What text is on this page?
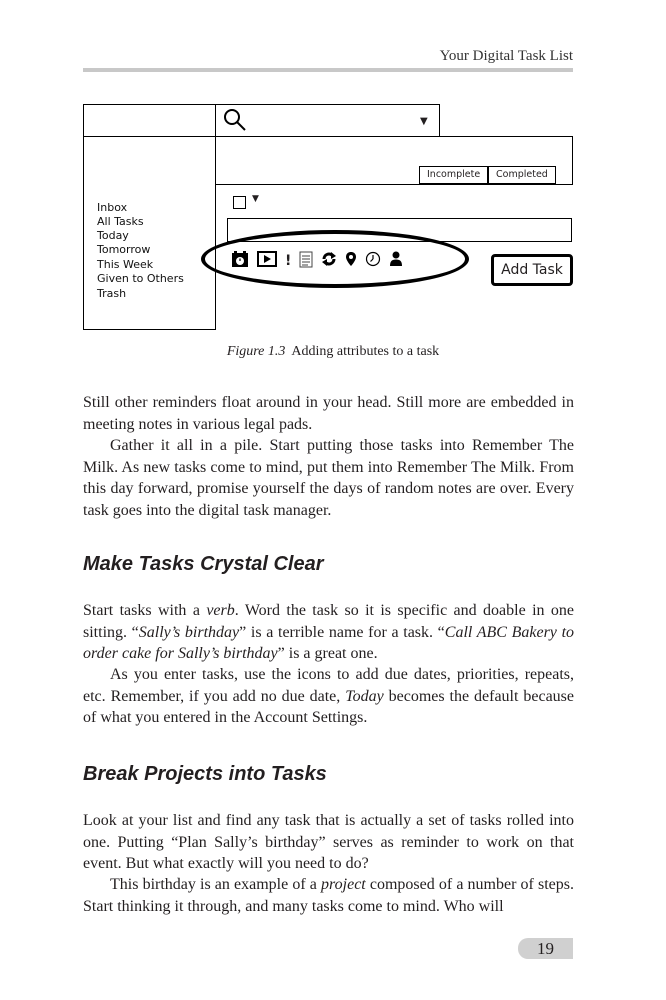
Your Digital Task List
▼
Incomplete	Completed
▼
!
Add Task
Inbox
All Tasks
Today
Tomorrow
This Week
Given to Others
Trash
Figure 1.3 Adding attributes to a task

Still other reminders float around in your head. Still more are embedded in meeting notes in various legal pads.

Gather it all in a pile. Start putting those tasks into Remember The Milk. As new tasks come to mind, put them into Remember The Milk. From this day forward, promise yourself the days of random notes are over. Every task goes into the digital task manager.

Make Tasks Crystal Clear

Start tasks with a verb. Word the task so it is specific and doable in one sitting. “Sally’s birthday” is a terrible name for a task. “Call ABC Bakery to order cake for Sally’s birthday” is a great one.

As you enter tasks, use the icons to add due dates, priorities, repeats, etc. Remember, if you add no due date, Today becomes the default because of what you entered in the Account Settings.

Break Projects into Tasks

Look at your list and find any task that is actually a set of tasks rolled into one. Putting “Plan Sally’s birthday” serves as reminder to work on that event. But what exactly will you need to do?

This birthday is an example of a project composed of a number of steps. Start thinking it through, and many tasks come to mind. Who will

19
